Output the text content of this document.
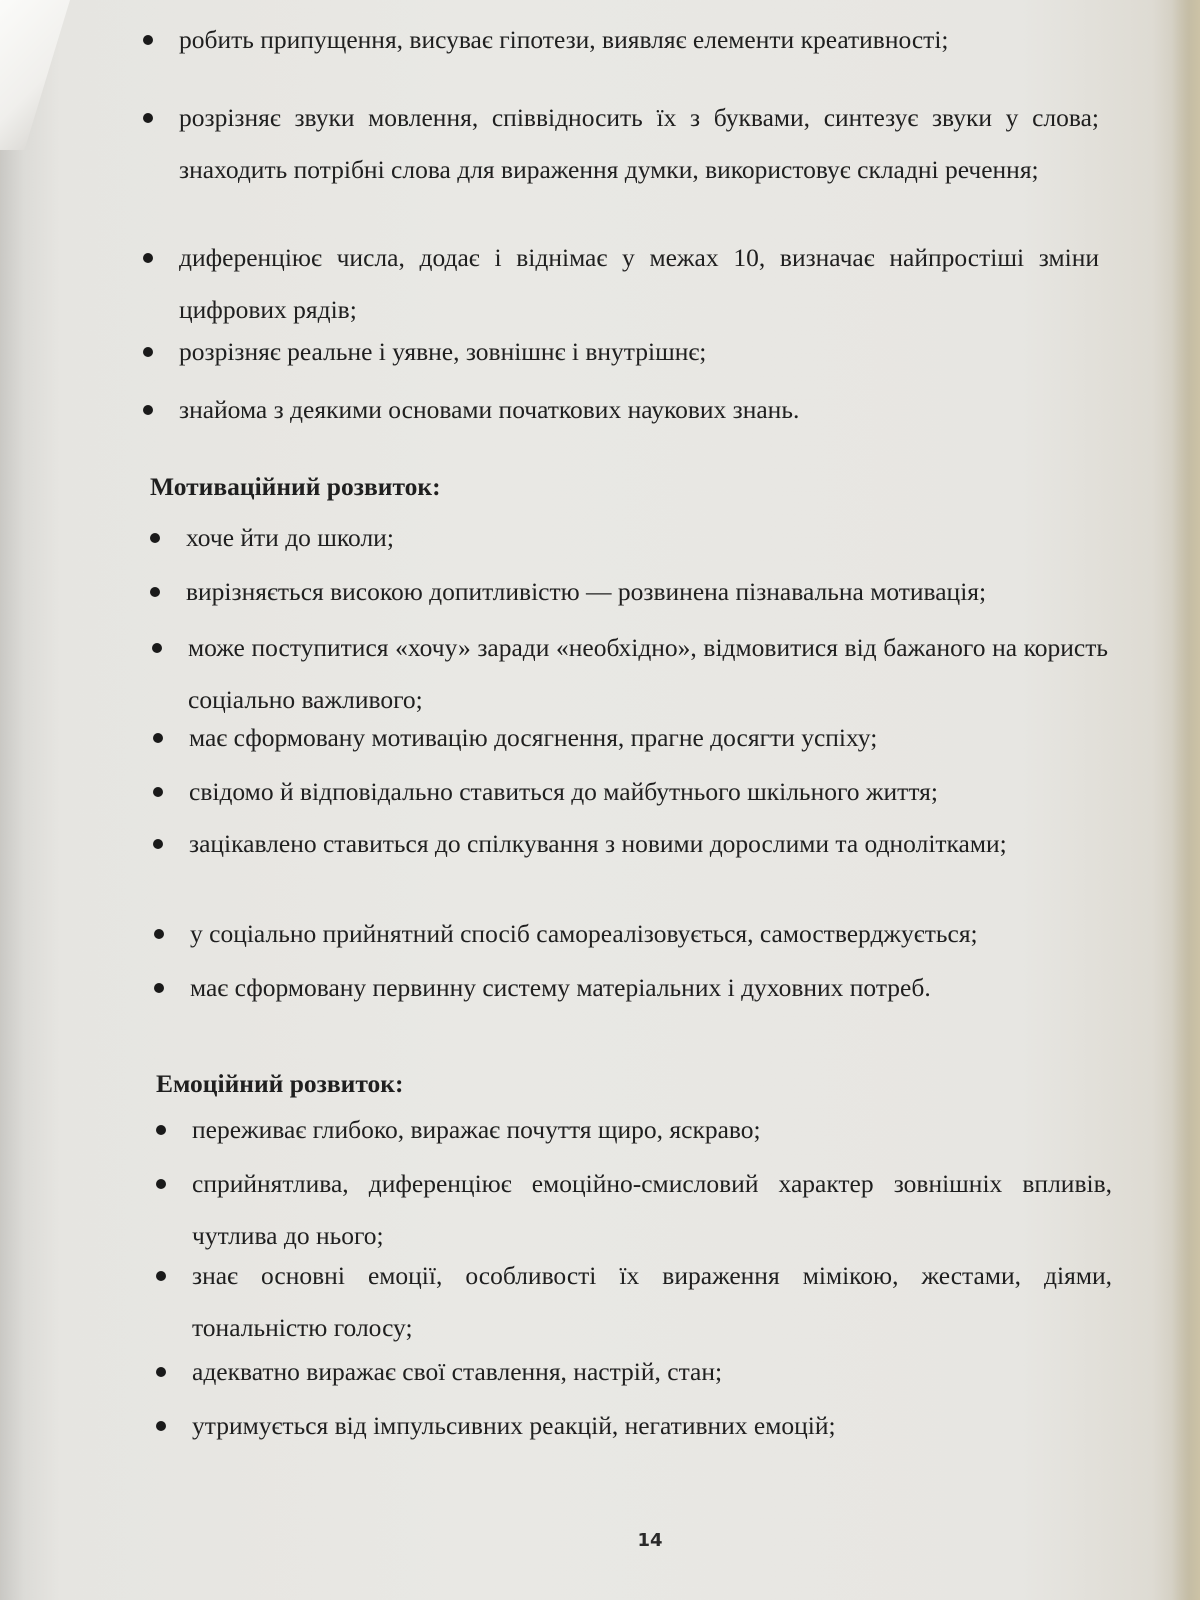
робить припущення, висуває гіпотези, виявляє елементи креативності;
розрізняє звуки мовлення, співвідносить їх з буквами, синтезує звуки у слова; знаходить потрібні слова для вираження думки, використовує складні речення;
диференціює числа, додає і віднімає у межах 10, визначає найпростіші зміни цифрових рядів;
розрізняє реальне і уявне, зовнішнє і внутрішнє;
знайома з деякими основами початкових наукових знань.
Мотиваційний розвиток:
хоче йти до школи;
вирізняється високою допитливістю — розвинена пізнавальна мотивація;
може поступитися «хочу» заради «необхідно», відмовитися від бажаного на користь соціально важливого;
має сформовану мотивацію досягнення, прагне досягти успіху;
свідомо й відповідально ставиться до майбутнього шкільного життя;
зацікавлено ставиться до спілкування з новими дорослими та однолітками;
у соціально прийнятний спосіб самореалізовується, самостверджується;
має сформовану первинну систему матеріальних і духовних потреб.
Емоційний розвиток:
переживає глибоко, виражає почуття щиро, яскраво;
сприйнятлива, диференціює емоційно-смисловий характер зовнішніх впливів, чутлива до нього;
знає основні емоції, особливості їх вираження мімікою, жестами, діями, тональністю голосу;
адекватно виражає свої ставлення, настрій, стан;
утримується від імпульсивних реакцій, негативних емоцій;
14
